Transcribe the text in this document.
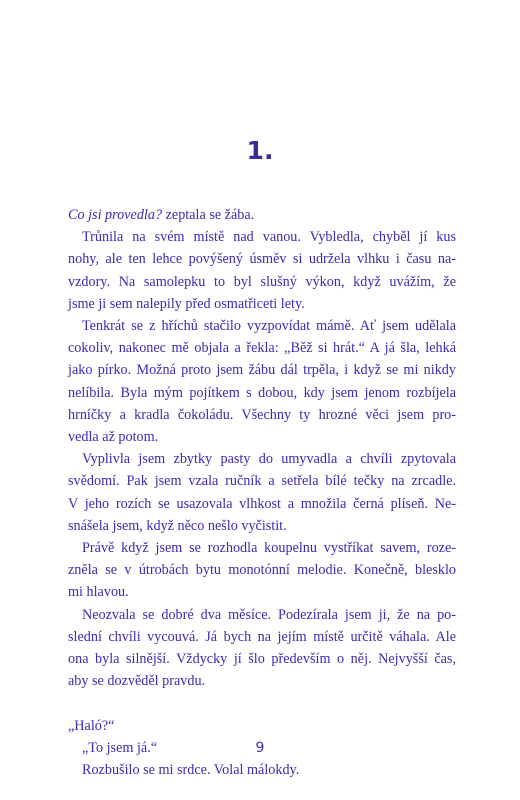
1.
Co jsi provedla? zeptala se žába.
Trůnila na svém místě nad vanou. Vybledla, chyběl jí kus
nohy, ale ten lehce povýšený úsměv si udržela vlhku i času na-
vzdory. Na samolepku to byl slušný výkon, když uvážím, že
jsme ji sem nalepily před osmatřiceti lety.
Tenkrát se z hříchů stačilo vyzpovídat mámě. Ať jsem udělala
cokoliv, nakonec mě objala a řekla: „Běž si hrát.“ A já šla, lehká
jako pírko. Možná proto jsem žábu dál trpěla, i když se mi nikdy
nelíbila. Byla mým pojítkem s dobou, kdy jsem jenom rozbíjela
hrníčky a kradla čokoládu. Všechny ty hrozné věci jsem pro-
vedla až potom.
Vyplivla jsem zbytky pasty do umyvadla a chvíli zpytovala
svědomí. Pak jsem vzala ručník a setřela bílé tečky na zrcadle.
V jeho rozích se usazovala vlhkost a množila černá plíseň. Ne-
snášela jsem, když něco nešlo vyčistit.
Právě když jsem se rozhodla koupelnu vystříkat savem, roze-
zněla se v útrobách bytu monotónní melodie. Konečně, blesklo
mi hlavou.
Neozvala se dobré dva měsíce. Podezírala jsem ji, že na po-
slední chvíli vycouvá. Já bych na jejím místě určitě váhala. Ale
ona byla silnější. Vždycky jí šlo především o něj. Nejvyšší čas,
aby se dozvěděl pravdu.
„Haló?“
„To jsem já.“
Rozbušilo se mi srdce. Volal málokdy.
9
